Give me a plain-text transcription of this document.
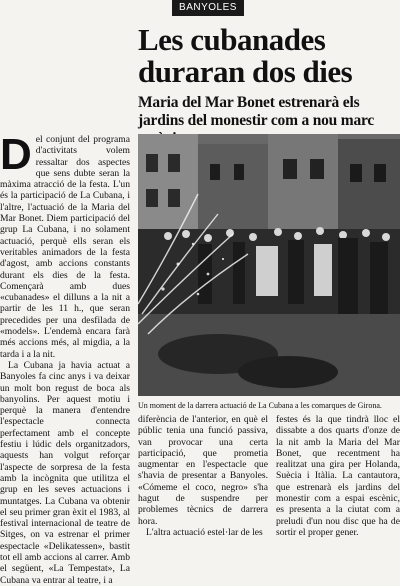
BANYOLES
Les cubanades duraran dos dies
Maria del Mar Bonet estrenarà els jardins del monestir com a nou marc
D el conjunt del programa d'activitats volem ressaltar dos aspectes que sens dubte seran la màxima atracció de la festa. L'un és la participació de La Cubana, i l'altre, l'actuació de la Maria del Mar Bonet. Diem participació del grup La Cubana, i no solament actuació, perquè ells seran els veritables animadors de la festa d'agost, amb accions constants durant els dies de la festa. Començarà amb dues «cubanades» el dilluns a la nit a partir de les 11 h., que seran precedides per una desfilada de «models». L'endemà encara farà més accions més, al migdia, a la tarda i a la nit.

La Cubana ja havia actuat a Banyoles fa cinc anys i va deixar un molt bon regust de boca als banyolins. Per aquest motiu i perquè la manera d'entendre l'espectacle connecta perfectament amb el concepte festiu i lúdic dels organitzadors, aquests han volgut reforçar l'aspecte de sorpresa de la festa amb la incògnita que utilitza el grup en les seves actuacions i muntatges. La Cubana va obtenir el seu primer gran èxit el 1983, al festival internacional de teatre de Sitges, on va estrenar el primer espectacle «Delikatessen», bastit tot ell amb accions al carrer. Amb el següent, «La Tempestat», La Cubana va entrar al teatre, i a

Un moment de la darrera actuació de La Cubana a les comarques de Girona.

diferència de l'anterior, en què el públic tenia una funció passiva, van provocar una certa participació, que prometia augmentar en l'espectacle que s'havia de presentar a Banyoles. «Cómeme el coco, negro» s'ha hagut de suspendre per problemes tècnics de darrera hora.

L'altra actuació estel·lar de les

festes és la que tindrà lloc el dissabte a dos quarts d'onze de la nit amb la Maria del Mar Bonet, que recentment ha realitzat una gira per Holanda, Suècia i Itàlia. La cantautora, que estrenarà els jardins del monestir com a espai escènic, es presenta a la ciutat com a preludi d'un nou disc que ha de sortir el proper gener.
